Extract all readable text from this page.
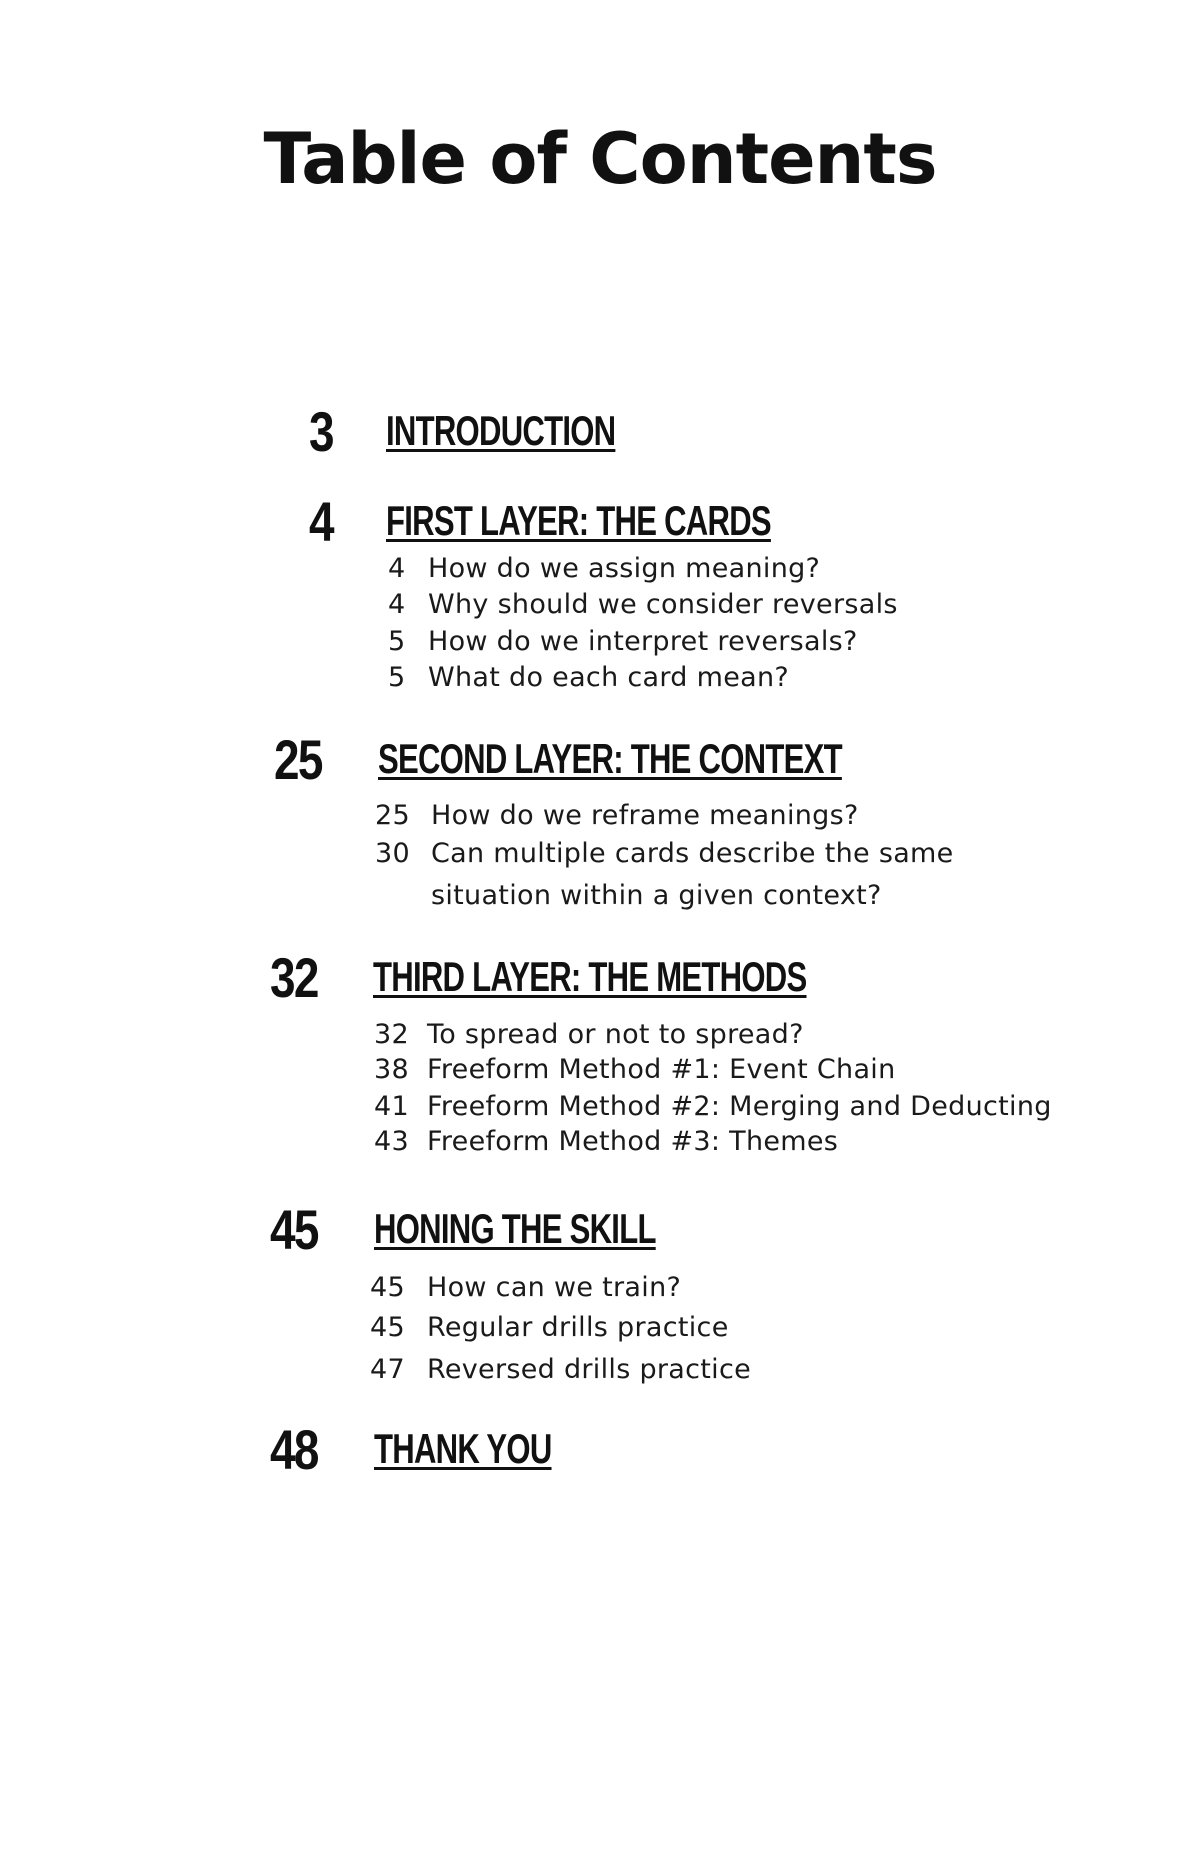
Table of Contents
3 INTRODUCTION
4 FIRST LAYER: THE CARDS
4 How do we assign meaning?
4 Why should we consider reversals
5 How do we interpret reversals?
5 What do each card mean?
25 SECOND LAYER: THE CONTEXT
25 How do we reframe meanings?
30 Can multiple cards describe the same
situation within a given context?
32 THIRD LAYER: THE METHODS
32 To spread or not to spread?
38 Freeform Method #1: Event Chain
41 Freeform Method #2: Merging and Deducting
43 Freeform Method #3: Themes
45 HONING THE SKILL
45 How can we train?
45 Regular drills practice
47 Reversed drills practice
48 THANK YOU
